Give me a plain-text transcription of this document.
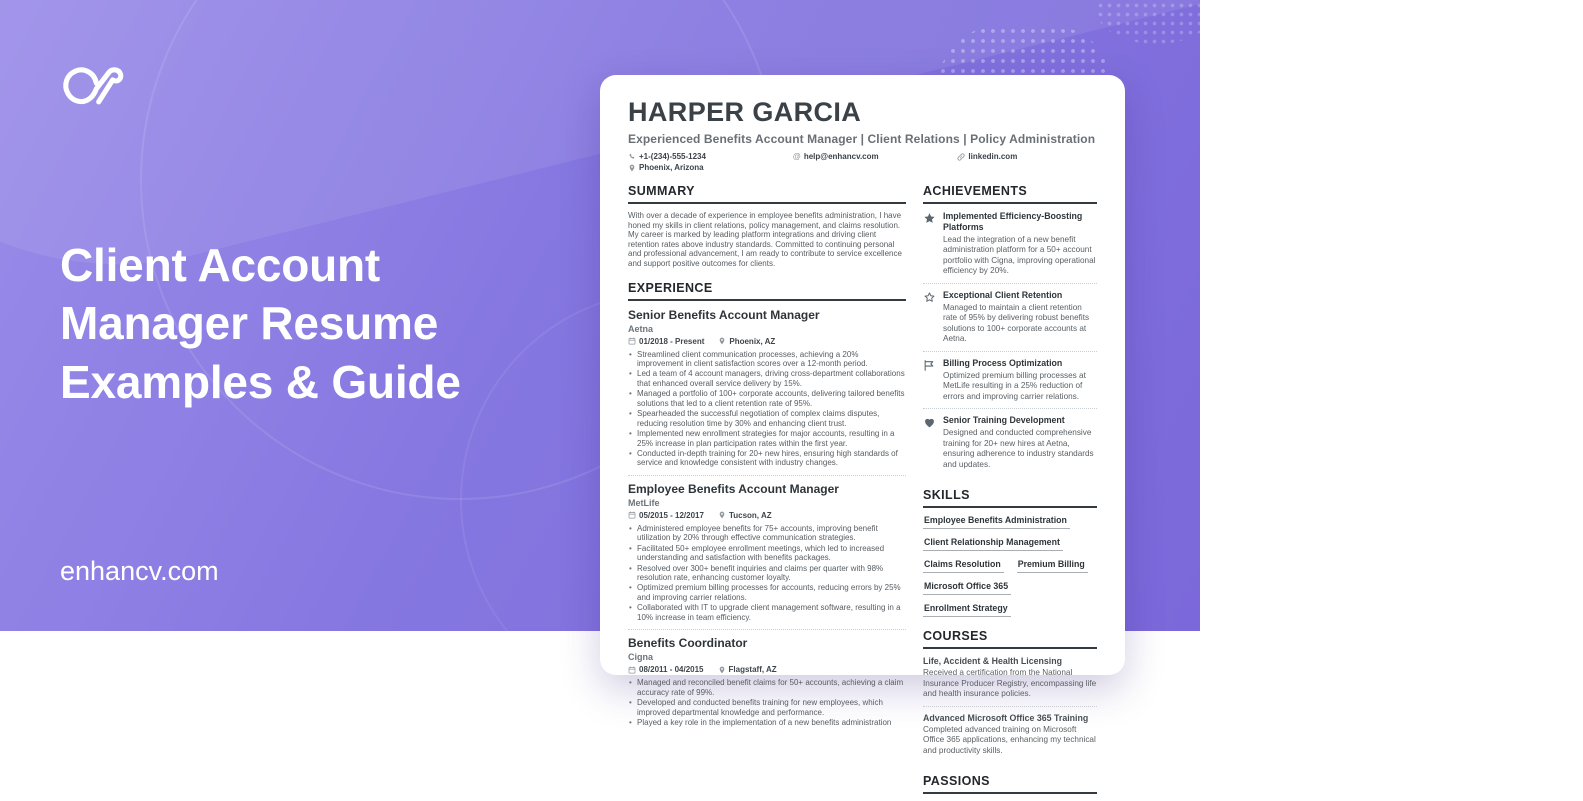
Client Account
Manager Resume
Examples & Guide
enhancv.com
HARPER GARCIA
Experienced Benefits Account Manager | Client Relations | Policy Administration
+1-(234)-555-1234	@ help@enhancv.com	linkedin.com
Phoenix, Arizona
SUMMARY

With over a decade of experience in employee benefits administration, I have honed my skills in client relations, policy management, and claims resolution. My career is marked by leading platform integrations and driving client retention rates above industry standards. Committed to continuing personal and professional advancement, I am ready to contribute to service excellence and support positive outcomes for clients.

EXPERIENCE
Senior Benefits Account Manager
Aetna
01/2018 - Present	Phoenix, AZ
• Streamlined client communication processes, achieving a 20% improvement in client satisfaction scores over a 12-month period.
• Led a team of 4 account managers, driving cross-department collaborations that enhanced overall service delivery by 15%.
• Managed a portfolio of 100+ corporate accounts, delivering tailored benefits solutions that led to a client retention rate of 95%.
• Spearheaded the successful negotiation of complex claims disputes, reducing resolution time by 30% and enhancing client trust.
• Implemented new enrollment strategies for major accounts, resulting in a 25% increase in plan participation rates within the first year.
• Conducted in-depth training for 20+ new hires, ensuring high standards of service and knowledge consistent with industry changes.
Employee Benefits Account Manager
MetLife
05/2015 - 12/2017	Tucson, AZ
• Administered employee benefits for 75+ accounts, improving benefit utilization by 20% through effective communication strategies.
• Facilitated 50+ employee enrollment meetings, which led to increased understanding and satisfaction with benefits packages.
• Resolved over 300+ benefit inquiries and claims per quarter with 98% resolution rate, enhancing customer loyalty.
• Optimized premium billing processes for accounts, reducing errors by 25% and improving carrier relations.
• Collaborated with IT to upgrade client management software, resulting in a 10% increase in team efficiency.
Benefits Coordinator
Cigna
08/2011 - 04/2015	Flagstaff, AZ
• Managed and reconciled benefit claims for 50+ accounts, achieving a claim accuracy rate of 99%.
• Developed and conducted benefits training for new employees, which improved departmental knowledge and performance.
• Played a key role in the implementation of a new benefits administration
ACHIEVEMENTS
Implemented Efficiency-Boosting Platforms
Lead the integration of a new benefit administration platform for a 50+ account portfolio with Cigna, improving operational efficiency by 20%.
Exceptional Client Retention
Managed to maintain a client retention rate of 95% by delivering robust benefits solutions to 100+ corporate accounts at Aetna.
Billing Process Optimization
Optimized premium billing processes at MetLife resulting in a 25% reduction of errors and improving carrier relations.
Senior Training Development
Designed and conducted comprehensive training for 20+ new hires at Aetna, ensuring adherence to industry standards and updates.
SKILLS
Employee Benefits Administration
Client Relationship Management
Claims Resolution	Premium Billing
Microsoft Office 365
Enrollment Strategy
COURSES
Life, Accident & Health Licensing
Received a certification from the National Insurance Producer Registry, encompassing life and health insurance policies.
Advanced Microsoft Office 365 Training
Completed advanced training on Microsoft Office 365 applications, enhancing my technical and productivity skills.
PASSIONS
